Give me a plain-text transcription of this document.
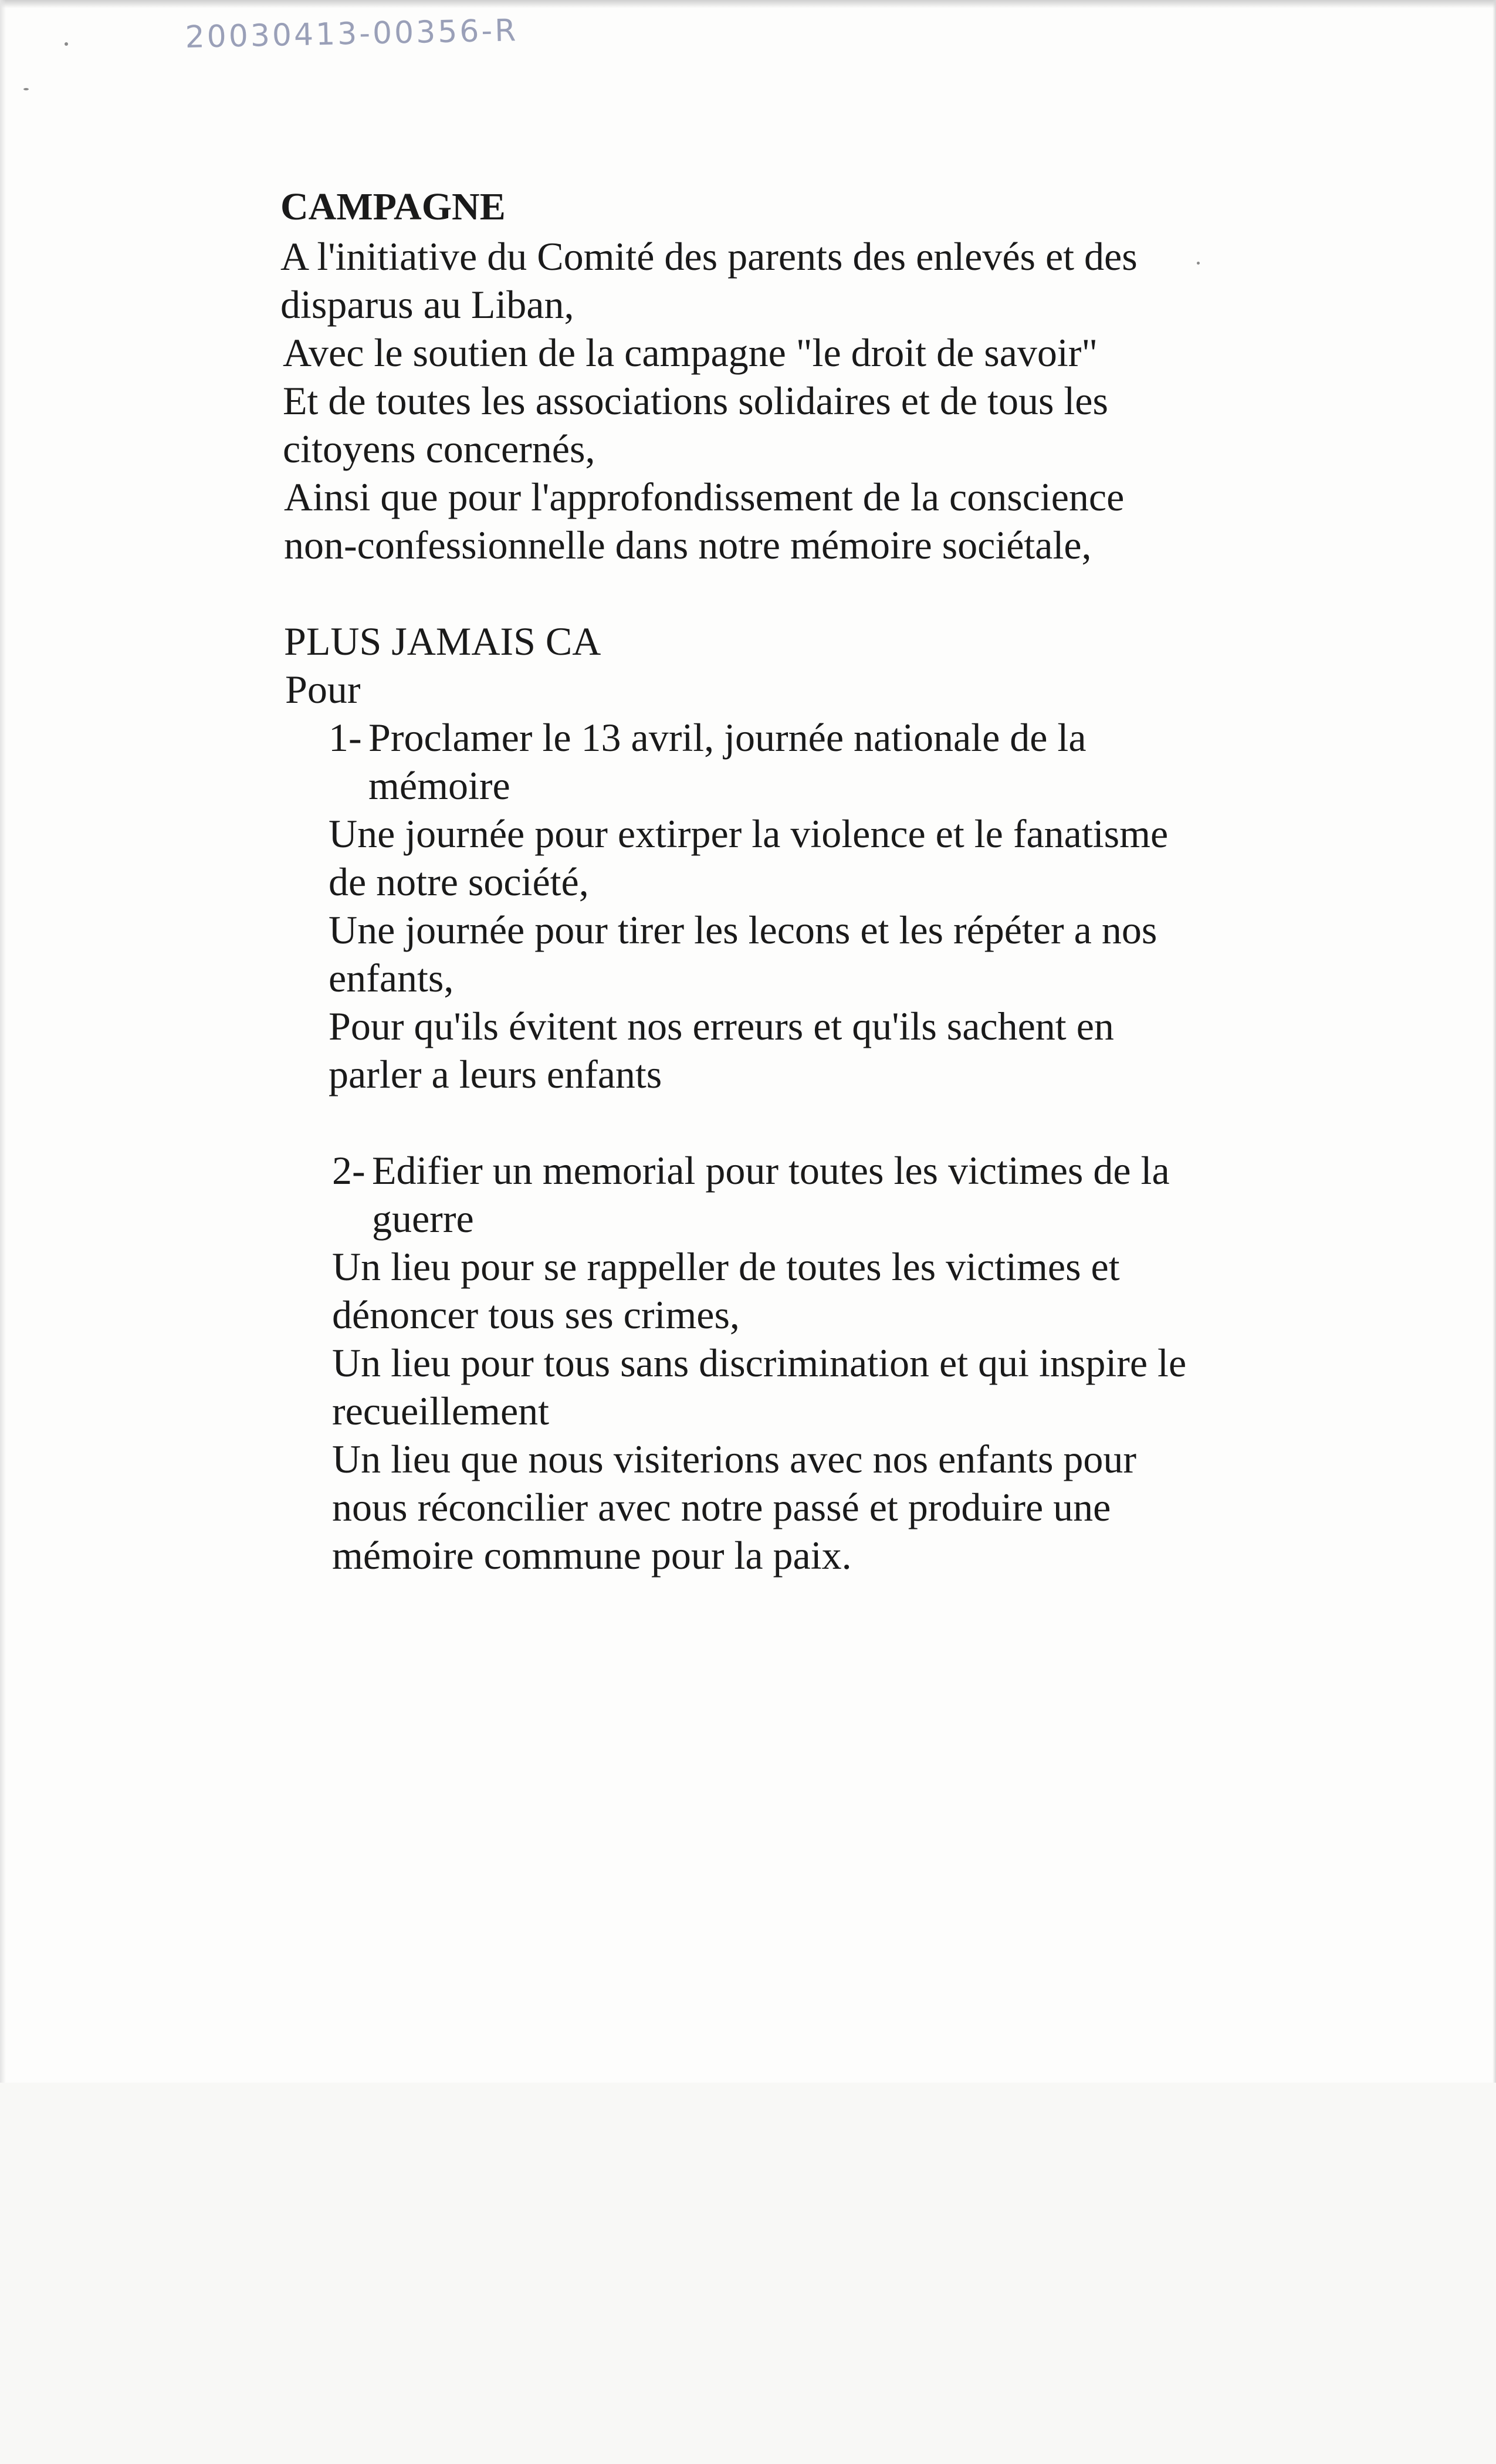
20030413-00356-R
CAMPAGNE
A l'initiative du Comité des parents des enlevés et des
disparus au Liban,
Avec le soutien de la campagne "le droit de savoir"
Et de toutes les associations solidaires et de tous les
citoyens concernés,
Ainsi que pour l'approfondissement de la conscience
non-confessionnelle dans notre mémoire sociétale,
PLUS JAMAIS CA
Pour
1- Proclamer le 13 avril, journée nationale de la
mémoire
Une journée pour extirper la violence et le fanatisme
de notre société,
Une journée pour tirer les lecons et les répéter a nos
enfants,
Pour qu'ils évitent nos erreurs et qu'ils sachent en
parler a leurs enfants
2- Edifier un memorial pour toutes les victimes de la
guerre
Un lieu pour se rappeller de toutes les victimes et
dénoncer tous ses crimes,
Un lieu pour tous sans discrimination et qui inspire le
recueillement
Un lieu que nous visiterions avec nos enfants pour
nous réconcilier avec notre passé et produire une
mémoire commune pour la paix.
